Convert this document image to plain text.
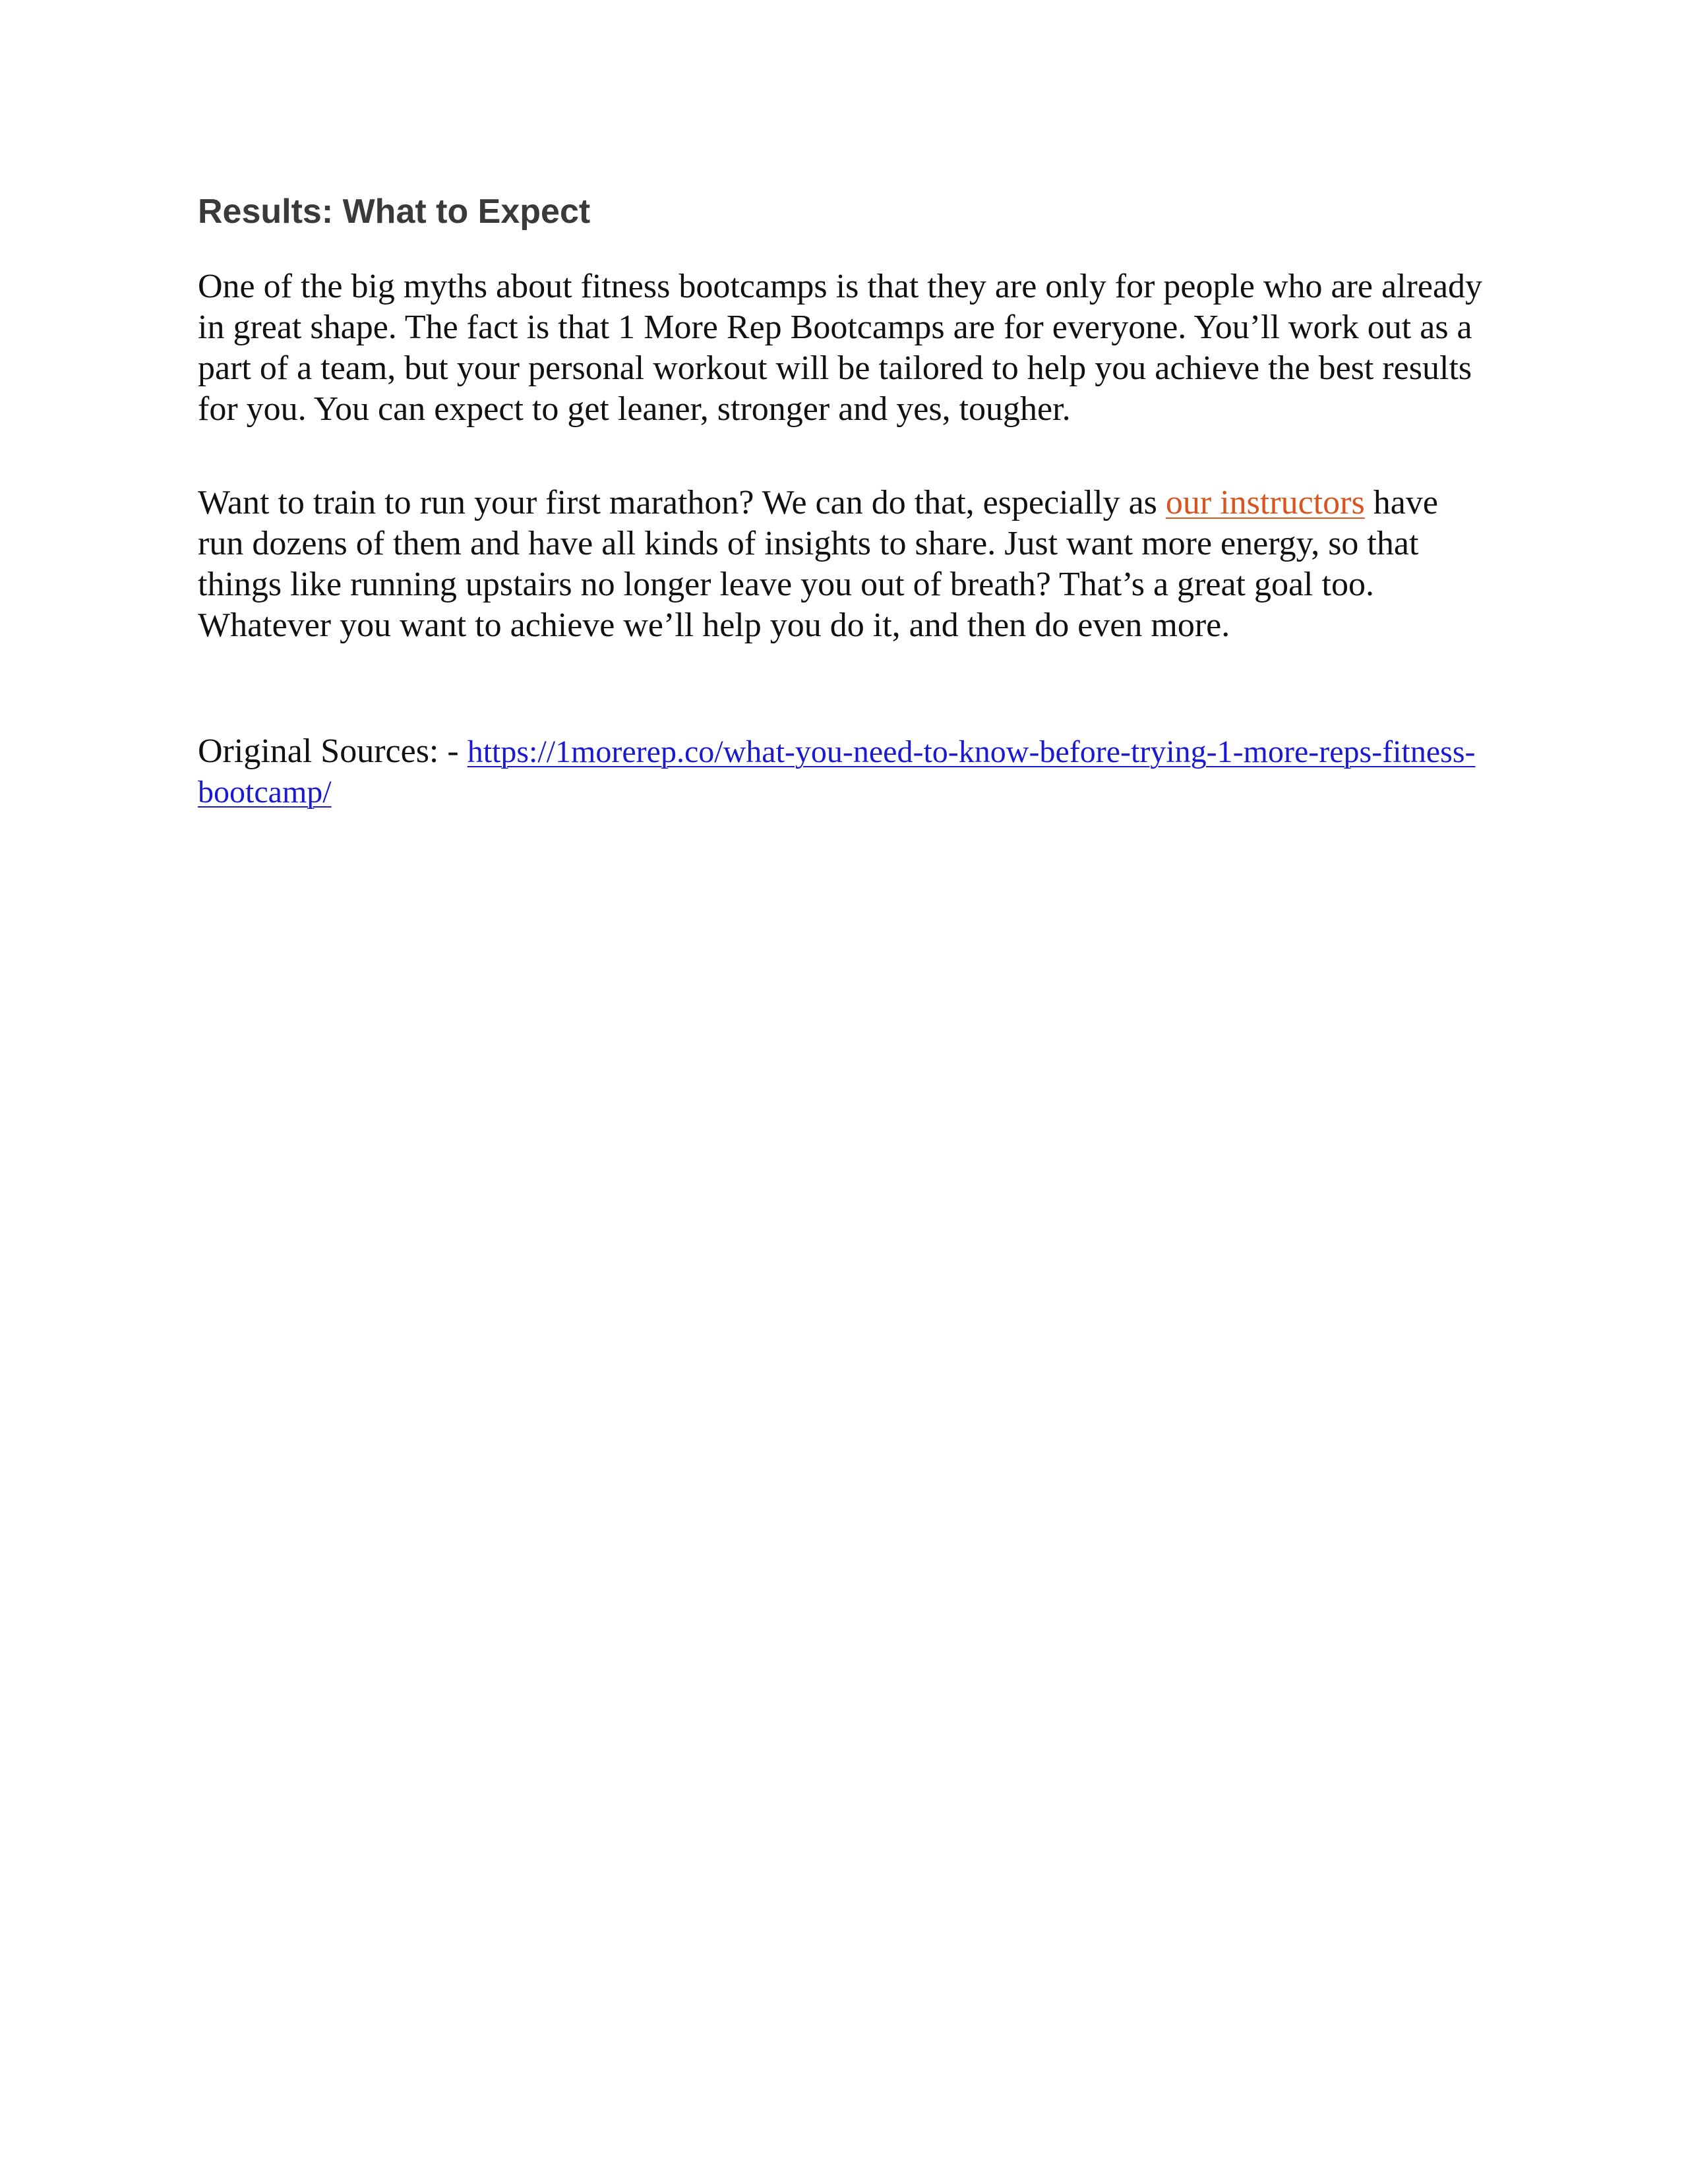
Results: What to Expect

One of the big myths about fitness bootcamps is that they are only for people who are already in great shape. The fact is that 1 More Rep Bootcamps are for everyone. You’ll work out as a part of a team, but your personal workout will be tailored to help you achieve the best results for you. You can expect to get leaner, stronger and yes, tougher.

Want to train to run your first marathon? We can do that, especially as our instructors have run dozens of them and have all kinds of insights to share. Just want more energy, so that things like running upstairs no longer leave you out of breath? That’s a great goal too. Whatever you want to achieve we’ll help you do it, and then do even more.

Original Sources: - https://1morerep.co/what-you-need-to-know-before-trying-1-more-reps-fitness-bootcamp/
